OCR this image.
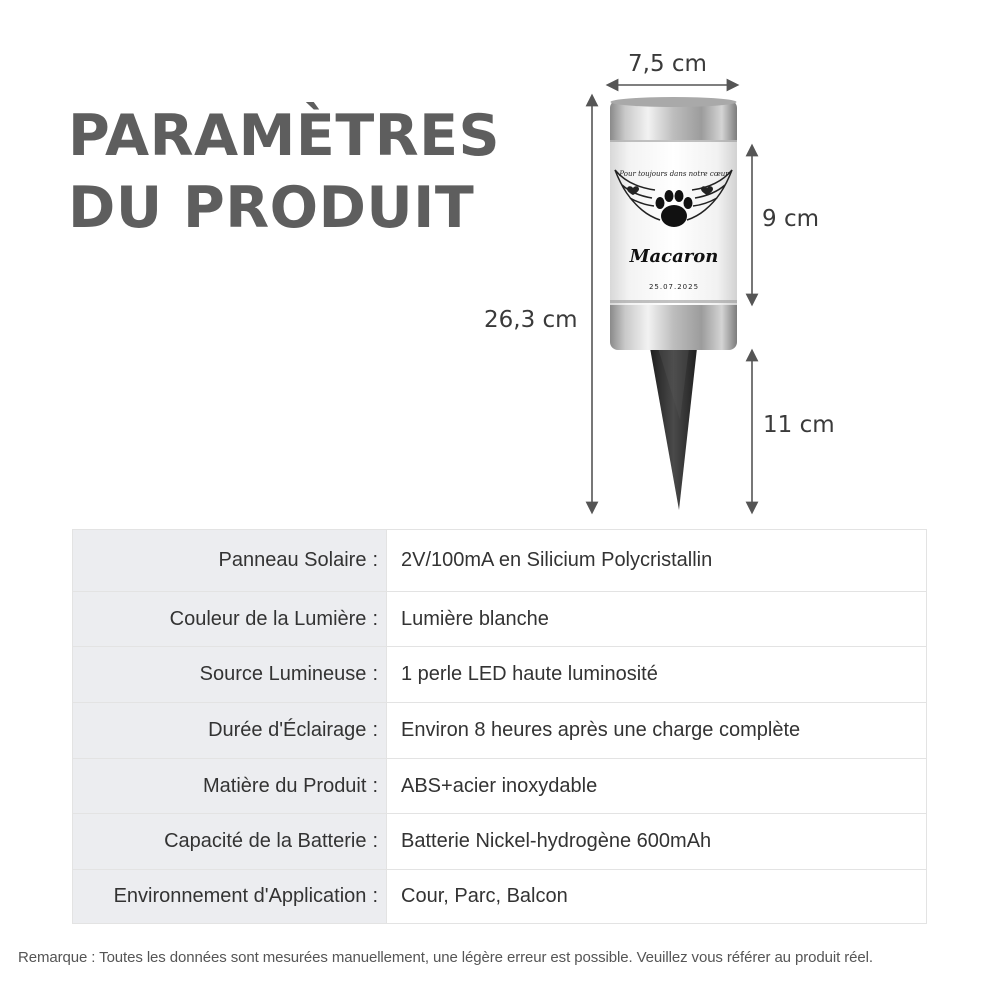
PARAMÈTRES
DU PRODUIT
Pour toujours dans notre cœur
Macaron
25.07.2025
7,5 cm
26,3 cm
9 cm
11 cm
Panneau Solaire : 2V/100mA en Silicium Polycristallin
Couleur de la Lumière : Lumière blanche
Source Lumineuse : 1 perle LED haute luminosité
Durée d'Éclairage : Environ 8 heures après une charge complète
Matière du Produit : ABS+acier inoxydable
Capacité de la Batterie : Batterie Nickel-hydrogène 600mAh
Environnement d'Application : Cour, Parc, Balcon
Remarque : Toutes les données sont mesurées manuellement, une légère erreur est possible. Veuillez vous référer au produit réel.
